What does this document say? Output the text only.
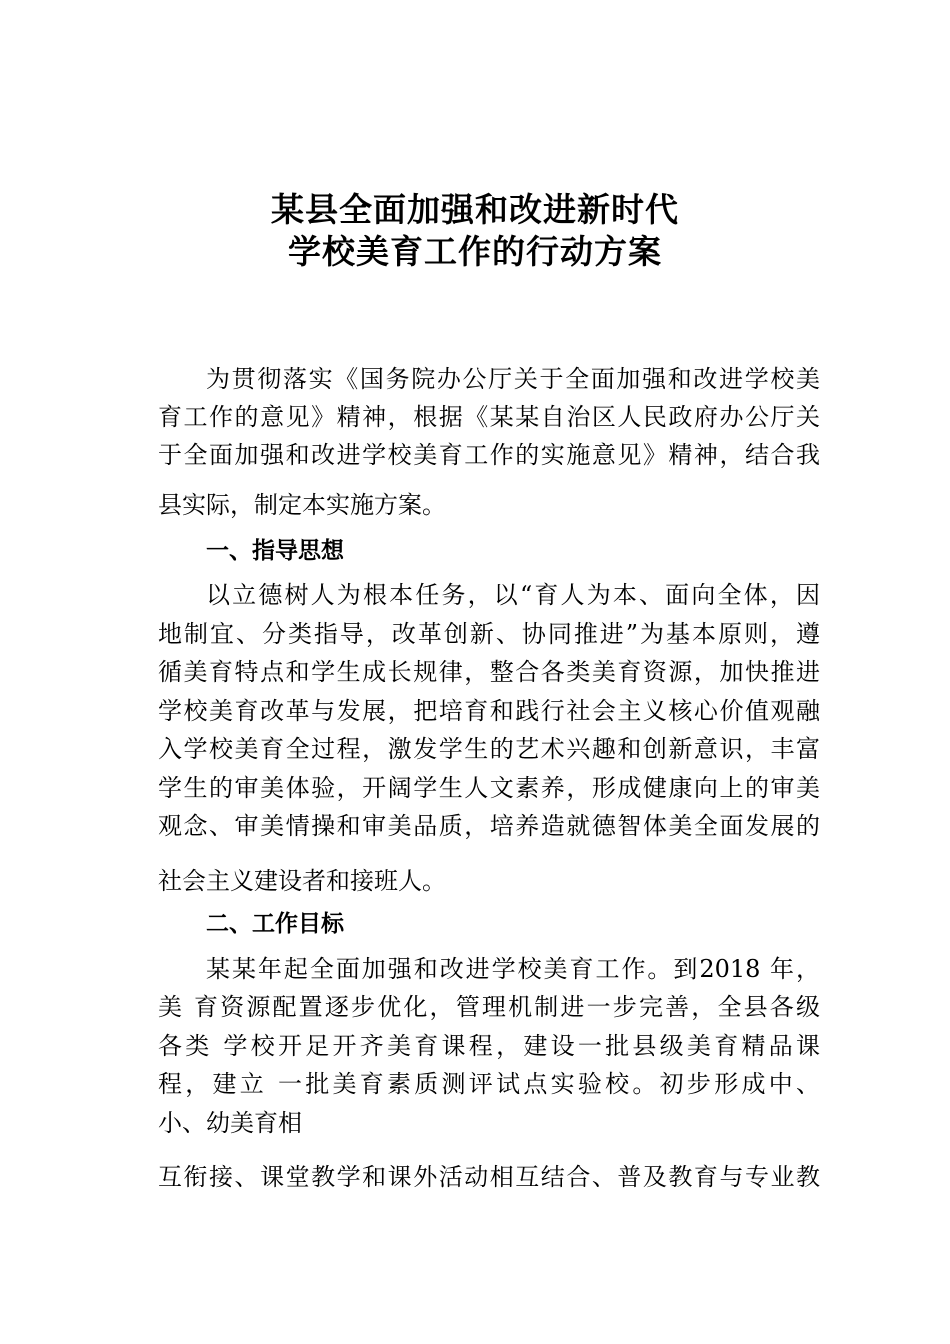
某县全面加强和改进新时代
学校美育工作的行动方案
为贯彻落实《国务院办公厅关于全面加强和改进学校美
育工作的意见》精神，根据《某某自治区人民政府办公厅关
于全面加强和改进学校美育工作的实施意见》精神，结合我
县实际，制定本实施方案。
一、指导思想
以立德树人为根本任务，以“育人为本、面向全体，因
地制宜、分类指导，改革创新、协同推进”为基本原则，遵
循美育特点和学生成长规律，整合各类美育资源，加快推进
学校美育改革与发展，把培育和践行社会主义核心价值观融
入学校美育全过程，激发学生的艺术兴趣和创新意识，丰富
学生的审美体验，开阔学生人文素养，形成健康向上的审美
观念、审美情操和审美品质，培养造就德智体美全面发展的
社会主义建设者和接班人。
二、工作目标
某某年起全面加强和改进学校美育工作。到2018 年，
美 育资源配置逐步优化，管理机制进一步完善，全县各级
各类 学校开足开齐美育课程，建设一批县级美育精品课
程，建立 一批美育素质测评试点实验校。初步形成中、
小、幼美育相
互衔接、课堂教学和课外活动相互结合、普及教育与专业教
